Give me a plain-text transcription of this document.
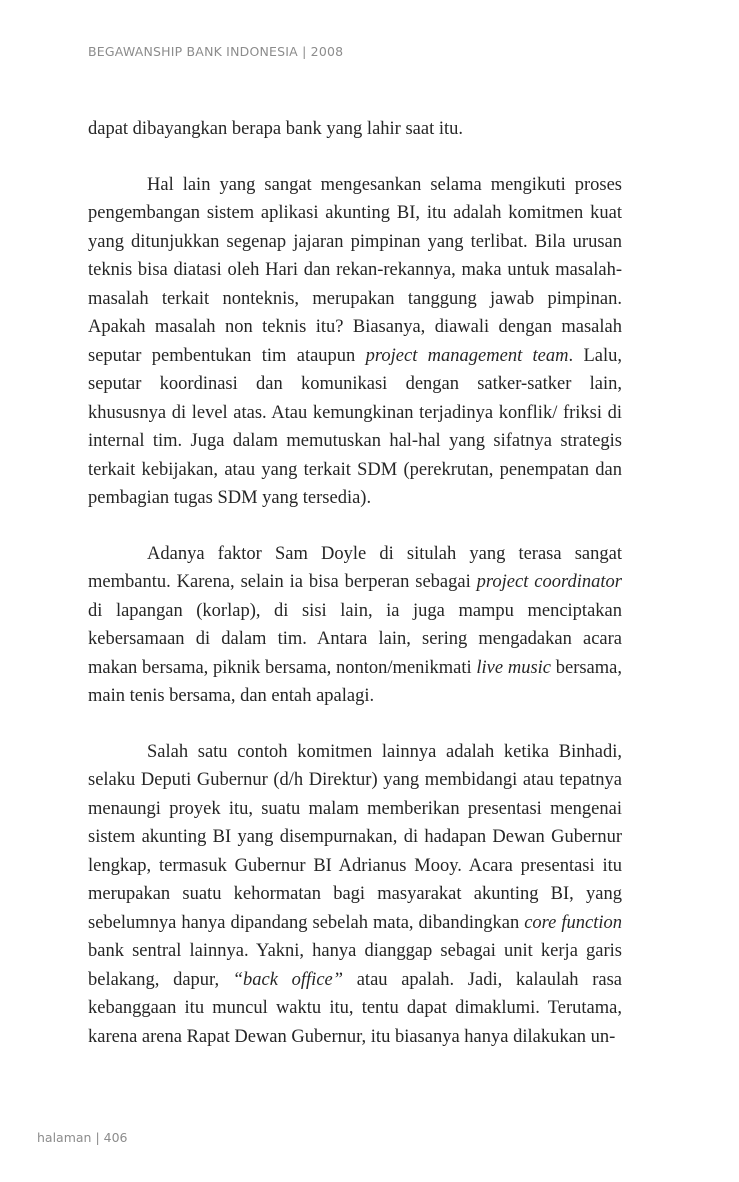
BEGAWANSHIP BANK INDONESIA | 2008

dapat dibayangkan berapa bank yang lahir saat itu.

Hal lain yang sangat mengesankan selama mengikuti proses pengembangan sistem aplikasi akunting BI, itu adalah komitmen kuat yang ditunjukkan segenap jajaran pimpinan yang terlibat. Bila urusan teknis bisa diatasi oleh Hari dan rekan-rekannya, maka untuk masalah-masalah terkait nonteknis, merupakan tanggung jawab pimpinan. Apakah masalah non teknis itu? Biasanya, diawali dengan masalah seputar pembentukan tim ataupun project management team. Lalu, seputar koordinasi dan komunikasi dengan satker-satker lain, khususnya di level atas. Atau kemungkinan terjadinya konflik/ friksi di internal tim. Juga dalam memutuskan hal-hal yang sifatnya strategis terkait kebijakan, atau yang terkait SDM (perekrutan, penempatan dan pembagian tugas SDM yang tersedia).

Adanya faktor Sam Doyle di situlah yang terasa sangat membantu. Karena, selain ia bisa berperan sebagai project coordinator di lapangan (korlap), di sisi lain, ia juga mampu menciptakan kebersamaan di dalam tim. Antara lain, sering mengadakan acara makan bersama, piknik bersama, nonton/menikmati live music bersama, main tenis bersama, dan entah apalagi.

Salah satu contoh komitmen lainnya adalah ketika Binhadi, selaku Deputi Gubernur (d/h Direktur) yang membidangi atau tepatnya menaungi proyek itu, suatu malam memberikan presentasi mengenai sistem akunting BI yang disempurnakan, di hadapan Dewan Gubernur lengkap, termasuk Gubernur BI Adrianus Mooy. Acara presentasi itu merupakan suatu kehormatan bagi masyarakat akunting BI, yang sebelumnya hanya dipandang sebelah mata, dibandingkan core function bank sentral lainnya. Yakni, hanya dianggap sebagai unit kerja garis belakang, dapur, “back office” atau apalah. Jadi, kalaulah rasa kebanggaan itu muncul waktu itu, tentu dapat dimaklumi. Terutama, karena arena Rapat Dewan Gubernur, itu biasanya hanya dilakukan un-

halaman | 406
